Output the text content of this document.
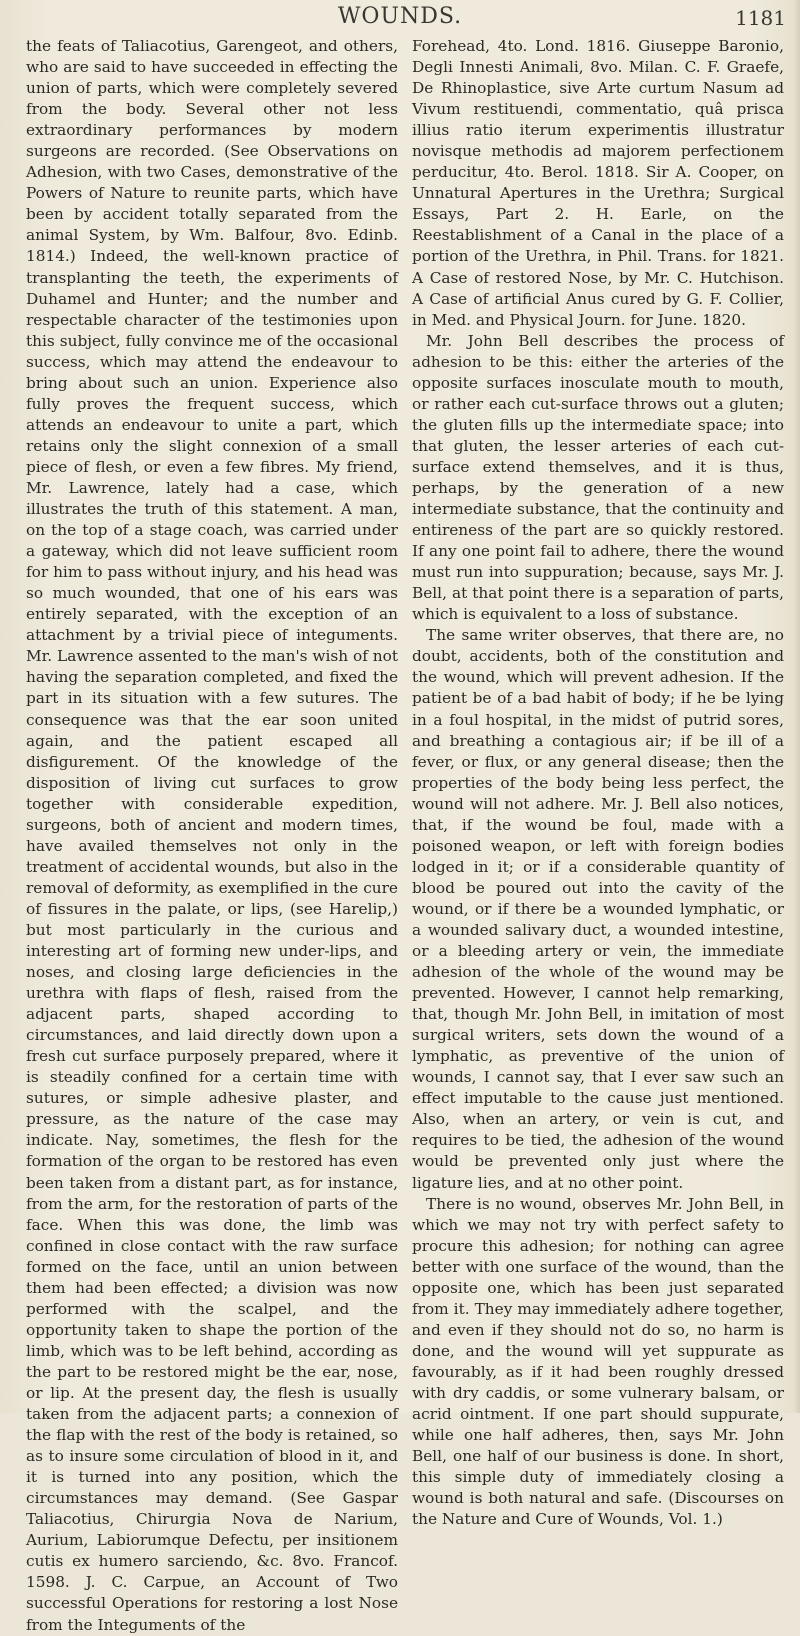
WOUNDS.	1181

the feats of Taliacotius, Garengeot, and others, who are said to have succeeded in effecting the union of parts, which were completely severed from the body. Several other not less extraordinary performances by modern surgeons are recorded. (See Observations on Adhesion, with two Cases, demonstrative of the Powers of Nature to reunite parts, which have been by accident totally separated from the animal System, by Wm. Balfour, 8vo. Edinb. 1814.) Indeed, the well-known practice of transplanting the teeth, the experiments of Duhamel and Hunter; and the number and respectable character of the testimonies upon this subject, fully convince me of the occasional success, which may attend the endeavour to bring about such an union. Experience also fully proves the frequent success, which attends an endeavour to unite a part, which retains only the slight connexion of a small piece of flesh, or even a few fibres. My friend, Mr. Lawrence, lately had a case, which illustrates the truth of this statement. A man, on the top of a stage coach, was carried under a gateway, which did not leave sufficient room for him to pass without injury, and his head was so much wounded, that one of his ears was entirely separated, with the exception of an attachment by a trivial piece of integuments. Mr. Lawrence assented to the man's wish of not having the separation completed, and fixed the part in its situation with a few sutures. The consequence was that the ear soon united again, and the patient escaped all disfigurement. Of the knowledge of the disposition of living cut surfaces to grow together with considerable expedition, surgeons, both of ancient and modern times, have availed themselves not only in the treatment of accidental wounds, but also in the removal of deformity, as exemplified in the cure of fissures in the palate, or lips, (see Harelip,) but most particularly in the curious and interesting art of forming new under-lips, and noses, and closing large deficiencies in the urethra with flaps of flesh, raised from the adjacent parts, shaped according to circumstances, and laid directly down upon a fresh cut surface purposely prepared, where it is steadily confined for a certain time with sutures, or simple adhesive plaster, and pressure, as the nature of the case may indicate. Nay, sometimes, the flesh for the formation of the organ to be restored has even been taken from a distant part, as for instance, from the arm, for the restoration of parts of the face. When this was done, the limb was confined in close contact with the raw surface formed on the face, until an union between them had been effected; a division was now performed with the scalpel, and the opportunity taken to shape the portion of the limb, which was to be left behind, according as the part to be restored might be the ear, nose, or lip. At the present day, the flesh is usually taken from the adjacent parts; a connexion of the flap with the rest of the body is retained, so as to insure some circulation of blood in it, and it is turned into any position, which the circumstances may demand. (See Gaspar Taliacotius, Chirurgia Nova de Narium, Aurium, Labiorumque Defectu, per insitionem cutis ex humero sarciendo, &c. 8vo. Francof. 1598. J. C. Carpue, an Account of Two successful Operations for restoring a lost Nose from the Integuments of the

Forehead, 4to. Lond. 1816. Giuseppe Baronio, Degli Innesti Animali, 8vo. Milan. C. F. Graefe, De Rhinoplastice, sive Arte curtum Nasum ad Vivum restituendi, commentatio, quâ prisca illius ratio iterum experimentis illustratur novisque methodis ad majorem perfectionem perducitur, 4to. Berol. 1818. Sir A. Cooper, on Unnatural Apertures in the Urethra; Surgical Essays, Part 2. H. Earle, on the Reestablishment of a Canal in the place of a portion of the Urethra, in Phil. Trans. for 1821. A Case of restored Nose, by Mr. C. Hutchison. A Case of artificial Anus cured by G. F. Collier, in Med. and Physical Journ. for June. 1820.

Mr. John Bell describes the process of adhesion to be this: either the arteries of the opposite surfaces inosculate mouth to mouth, or rather each cut-surface throws out a gluten; the gluten fills up the intermediate space; into that gluten, the lesser arteries of each cut-surface extend themselves, and it is thus, perhaps, by the generation of a new intermediate substance, that the continuity and entireness of the part are so quickly restored. If any one point fail to adhere, there the wound must run into suppuration; because, says Mr. J. Bell, at that point there is a separation of parts, which is equivalent to a loss of substance.

The same writer observes, that there are, no doubt, accidents, both of the constitution and the wound, which will prevent adhesion. If the patient be of a bad habit of body; if he be lying in a foul hospital, in the midst of putrid sores, and breathing a contagious air; if be ill of a fever, or flux, or any general disease; then the properties of the body being less perfect, the wound will not adhere. Mr. J. Bell also notices, that, if the wound be foul, made with a poisoned weapon, or left with foreign bodies lodged in it; or if a considerable quantity of blood be poured out into the cavity of the wound, or if there be a wounded lymphatic, or a wounded salivary duct, a wounded intestine, or a bleeding artery or vein, the immediate adhesion of the whole of the wound may be prevented. However, I cannot help remarking, that, though Mr. John Bell, in imitation of most surgical writers, sets down the wound of a lymphatic, as preventive of the union of wounds, I cannot say, that I ever saw such an effect imputable to the cause just mentioned. Also, when an artery, or vein is cut, and requires to be tied, the adhesion of the wound would be prevented only just where the ligature lies, and at no other point.

There is no wound, observes Mr. John Bell, in which we may not try with perfect safety to procure this adhesion; for nothing can agree better with one surface of the wound, than the opposite one, which has been just separated from it. They may immediately adhere together, and even if they should not do so, no harm is done, and the wound will yet suppurate as favourably, as if it had been roughly dressed with dry caddis, or some vulnerary balsam, or acrid ointment. If one part should suppurate, while one half adheres, then, says Mr. John Bell, one half of our business is done. In short, this simple duty of immediately closing a wound is both natural and safe. (Discourses on the Nature and Cure of Wounds, Vol. 1.)
